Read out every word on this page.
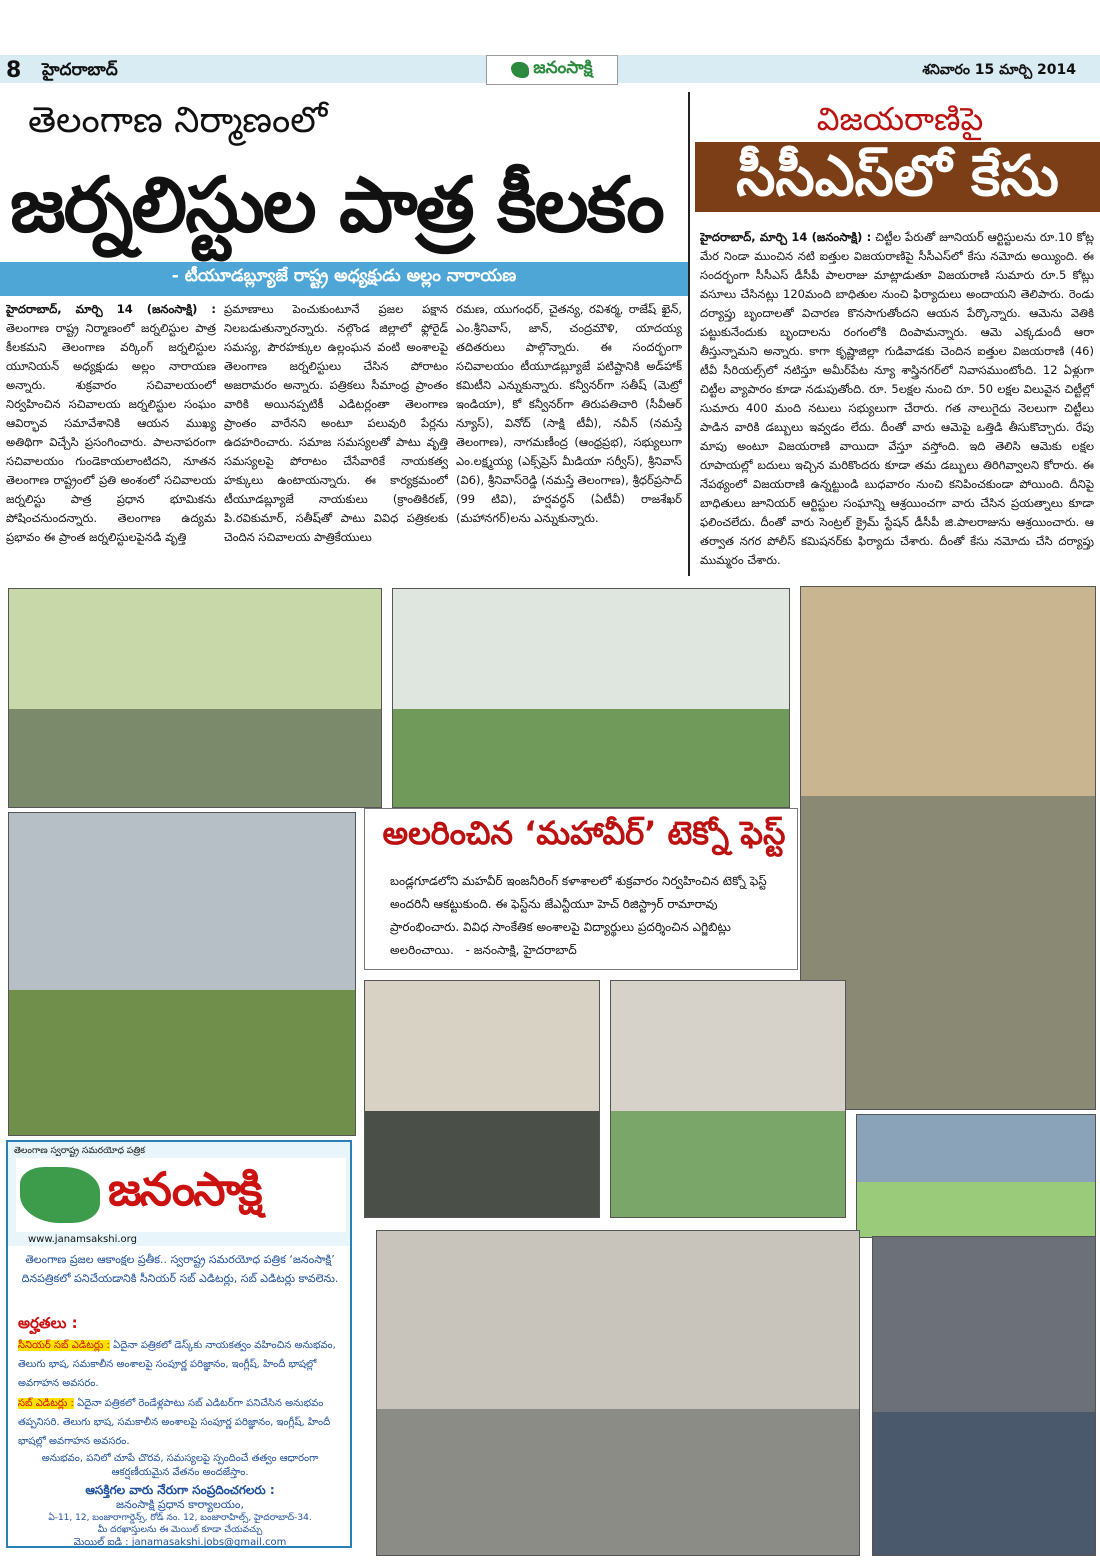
8 హైదరాబాద్	జనంసాక్షి	శనివారం 15 మార్చి 2014
తెలంగాణ నిర్మాణంలో
జర్నలిస్టుల పాత్ర కీలకం
- టీయూడబ్ల్యూజే రాష్ట్ర అధ్యక్షుడు అల్లం నారాయణ
హైదరాబాద్, మార్చి 14 (జనంసాక్షి) : తెలంగాణ రాష్ట్ర నిర్మాణంలో జర్నలిస్టుల పాత్ర కీలకమని తెలంగాణ వర్కింగ్ జర్నలిస్టుల యూనియన్ అధ్యక్షుడు అల్లం నారాయణ అన్నారు. శుక్రవారం సచివాలయంలో నిర్వహించిన సచివాలయ జర్నలిస్టుల సంఘం ఆవిర్భావ సమావేశానికి ఆయన ముఖ్య అతిథిగా విచ్చేసి ప్రసంగించారు. పాలనాపరంగా సచివాలయం గుండెకాయలాంటిదని, నూతన తెలంగాణ రాష్ట్రంలో ప్రతి అంశంలో సచివాలయ జర్నలిస్టు పాత్ర ప్రధాన భూమికను పోషించనుందన్నారు. తెలంగాణ ఉద్యమ ప్రభావం ఈ ప్రాంత జర్నలిస్టులపైనడి వృత్తి
ప్రమాణాలు పెంచుకుంటూనే ప్రజల పక్షాన నిలబడుతున్నారన్నారు. నల్గొండ జిల్లాలో ఫ్లోరైడ్ సమస్య, పౌరహక్కుల ఉల్లంఘన వంటి అంశాలపై తెలంగాణ జర్నలిస్టులు చేసిన పోరాటం అజరామరం అన్నారు. పత్రికలు సీమాంధ్ర ప్రాంతం వారికి అయినప్పటికీ ఎడిటర్లంతా తెలంగాణ ప్రాంతం వారేనని అంటూ పలువురి పేర్లను ఉదహరించారు. సమాజ సమస్యలతో పాటు వృత్తి సమస్యలపై పోరాటం చేసేవారికే నాయకత్వ హక్కులు ఉంటాయన్నారు. ఈ కార్యక్రమంలో టీయూడబ్ల్యూజే నాయకులు (క్రాంతికిరణ్, పి.రవికుమార్, సతీష్‌తో పాటు వివిధ పత్రికలకు చెందిన సచివాలయ పాత్రికేయులు
రమణ, యుగంధర్, చైతన్య, రవిశర్మ, రాజేష్ ఖైన్, ఎం.శ్రీనివాస్, జాన్, చంద్రమౌళి, యాదయ్య తదితరులు పాల్గొన్నారు. ఈ సందర్భంగా సచివాలయం టీయూడబ్ల్యూజే పటిష్టానికి అడ్‌హాక్ కమిటీని ఎన్నుకున్నారు. కన్వీనర్‌గా సతీష్ (మెట్రో ఇండియా), కో కన్వీనర్‌గా తిరుపతిచారి (సీవీఆర్ న్యూస్), వినోద్ (సాక్షి టీవీ), నవీన్ (నమస్తే తెలంగాణ), నాగమణీంద్ర (ఆంధ్రప్రభ), సభ్యులుగా ఎం.లక్ష్మయ్య (ఎక్స్‌ప్రెస్ మీడియా సర్వీస్), శ్రీనివాస్ (వి6), శ్రీనివాస్‌రెడ్డి (నమస్తే తెలంగాణ), శ్రీధర్‌ప్రసాద్ (99 టివి), హర్షవర్ధన్ (ఏటీవీ) రాజశేఖర్ (మహానగర్)లను ఎన్నుకున్నారు.
విజయరాణిపై
సీసీఎస్‌లో కేసు
హైదరాబాద్, మార్చి 14 (జనంసాక్షి) : చిట్టీల పేరుతో జూనియర్ ఆర్టిస్టులను రూ.10 కోట్ల మేర నిండా ముంచిన నటి ఐత్తుల విజయరాణిపై సీసీఎస్‌లో కేసు నమోదు అయ్యింది. ఈ సందర్భంగా సీసీఎస్ డీసీపీ పాలరాజు మాట్లాడుతూ విజయరాణి సుమారు రూ.5 కోట్లు వసూలు చేసినట్లు 120మంది బాధితుల నుంచి ఫిర్యాదులు అందాయని తెలిపారు. రెండు దర్యాప్తు బృందాలతో విచారణ కొనసాగుతోందని ఆయన పేర్కొన్నారు. ఆమెను వెతికి పట్టుకునేందుకు బృందాలను రంగంలోకి దింపామన్నారు. ఆమె ఎక్కడుందీ ఆరా తీస్తున్నామని అన్నారు. కాగా కృష్ణాజిల్లా గుడివాడకు చెందిన ఐత్తుల విజయరాణి (46) టీవీ సీరియల్స్‌లో నటిస్తూ అమీర్‌పేట న్యూ శాస్త్రినగర్‌లో నివాసముంటోంది. 12 ఏళ్లుగా చిట్టీల వ్యాపారం కూడా నడుపుతోంది. రూ. 5లక్షల నుంచి రూ. 50 లక్షల విలువైన చిట్టీల్లో సుమారు 400 మంది నటులు సభ్యులుగా చేరారు. గత నాలుగైదు నెలలుగా చిట్టీలు పాడిన వారికి డబ్బులు ఇవ్వడం లేదు. దీంతో వారు ఆమెపై ఒత్తిడి తీసుకొచ్చారు. రేపు మాపు అంటూ విజయరాణి వాయిదా వేస్తూ వస్తోంది. ఇది తెలిసి ఆమెకు లక్షల రూపాయల్లో బదులు ఇచ్చిన మరికొందరు కూడా తమ డబ్బులు తిరిగివ్వాలని కోరారు. ఈ నేపథ్యంలో విజయరాణి ఉన్నట్టుండి బుధవారం నుంచి కనిపించకుండా పోయింది. దీనిపై బాధితులు జూనియర్ ఆర్టిస్టుల సంఘాన్ని ఆశ్రయించగా వారు చేసిన ప్రయత్నాలు కూడా ఫలించలేదు. దీంతో వారు సెంట్రల్ క్రైమ్ స్టేషన్ డీసీపీ జి.పాలరాజును ఆశ్రయించారు. ఆ తర్వాత నగర పోలీస్ కమిషనర్‌కు ఫిర్యాదు చేశారు. దీంతో కేసు నమోదు చేసి దర్యాప్తు ముమ్మరం చేశారు.
అలరించిన ‘మహావీర్’ టెక్నో ఫెస్ట్
బండ్లగూడలోని మహవీర్ ఇంజనీరింగ్ కళాశాలలో శుక్రవారం నిర్వహించిన టెక్నో ఫెస్ట్ అందరినీ ఆకట్టుకుంది. ఈ ఫెస్ట్‌ను జేఎన్టీయూ హెచ్ రిజిస్ట్రార్ రామారావు ప్రారంభించారు. వివిధ సాంకేతిక అంశాలపై విద్యార్థులు ప్రదర్శించిన ఎగ్జిబిట్లు అలరించాయి. - జనంసాక్షి, హైదరాబాద్
తెలంగాణ స్వరాష్ట్ర సమరయోధ పత్రిక
జనంసాక్షి
www.janamsakshi.org
తెలంగాణ ప్రజల ఆకాంక్షల ప్రతీక.. స్వరాష్ట్ర సమరయోధ పత్రిక ‘జనంసాక్షి’ దినపత్రికలో పనిచేయడానికి సీనియర్ సబ్ ఎడిటర్లు, సబ్ ఎడిటర్లు కావలెను.
అర్హతలు :
సీనియర్ సబ్ ఎడిటర్లు : ఏదైనా పత్రికలో డెస్క్‌కు నాయకత్వం వహించిన అనుభవం, తెలుగు భాష, సమకాలీన అంశాలపై సంపూర్ణ పరిజ్ఞానం, ఇంగ్లీష్, హిందీ భాషల్లో అవగాహన అవసరం.
సబ్ ఎడిటర్లు : ఏదైనా పత్రికలో రెండేళ్లపాటు సబ్ ఎడిటర్‌గా పనిచేసిన అనుభవం తప్పనిసరి. తెలుగు భాష, సమకాలీన అంశాలపై సంపూర్ణ పరిజ్ఞానం, ఇంగ్లీష్, హిందీ భాషల్లో అవగాహన అవసరం.
అనుభవం, పనిలో చూపే చొరవ, సమస్యలపై స్పందించే తత్వం ఆధారంగా ఆకర్షణీయమైన వేతనం అందజేస్తాం.
ఆసక్తిగల వారు నేరుగా సంప్రదించగలరు :
జనంసాక్షి ప్రధాన కార్యాలయం,
ఏ-11, 12, బంజారాగార్డెన్స్, రోడ్ నం. 12, బంజారాహిల్స్, హైదరాబాద్-34.
మీ దరఖాస్తులను ఈ మెయిల్ కూడా చేయవచ్చు
మెయిల్ ఐడి : janamasakshi.jobs@gmail.com
